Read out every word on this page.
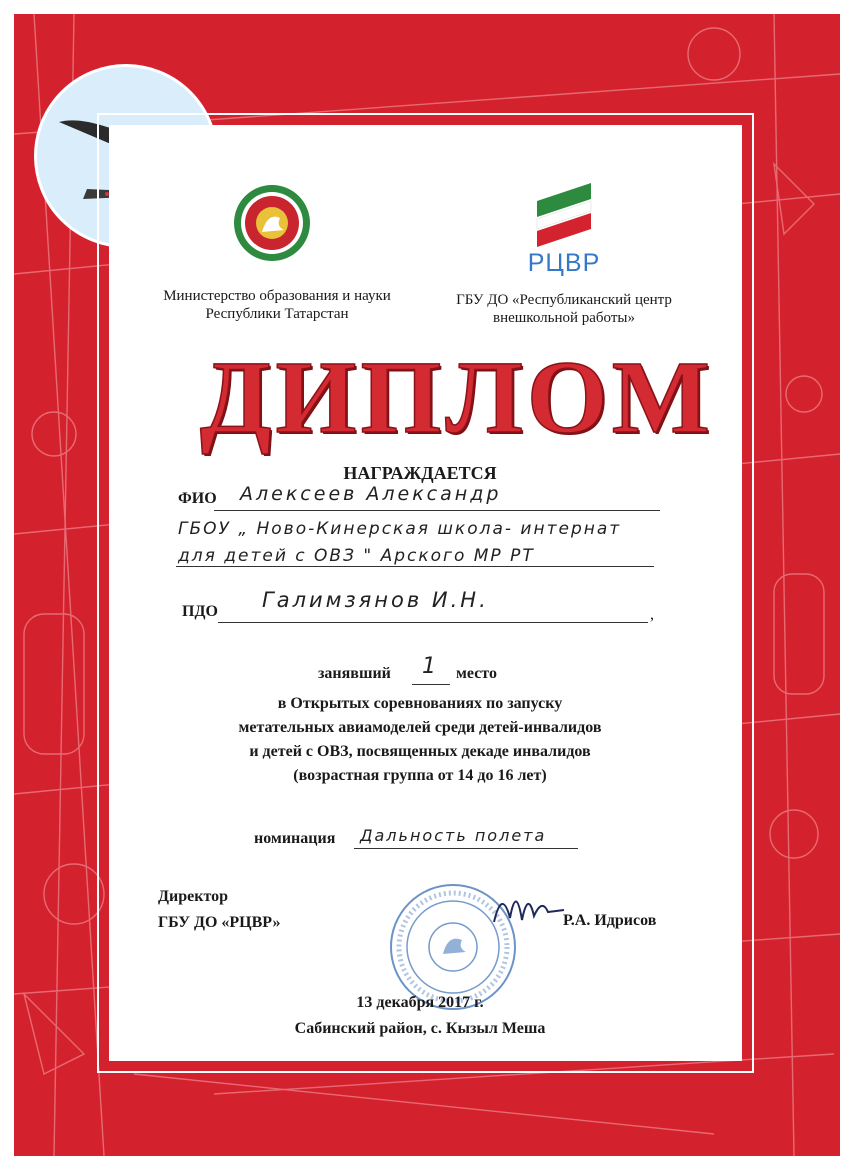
РЦВР
Министерство образования и науки
Республики Татарстан
ГБУ ДО «Республиканский центр
внешкольной работы»
ДИПЛОМ
НАГРАЖДАЕТСЯ
ФИО Алексеев Александр
ГБОУ „ Ново-Кинерская школа- интернат
для детей с ОВЗ " Арского МР РТ
ПДО Галимзянов И.Н.
,
занявший 1 место
в Открытых соревнованиях по запуску
метательных авиамоделей среди детей-инвалидов
и детей с ОВЗ, посвященных декаде инвалидов
(возрастная группа от 14 до 16 лет)
номинация Дальность полета
Директор
ГБУ ДО «РЦВР»	Р.А. Идрисов
13 декабря 2017 г.
Сабинский район, с. Кызыл Меша
